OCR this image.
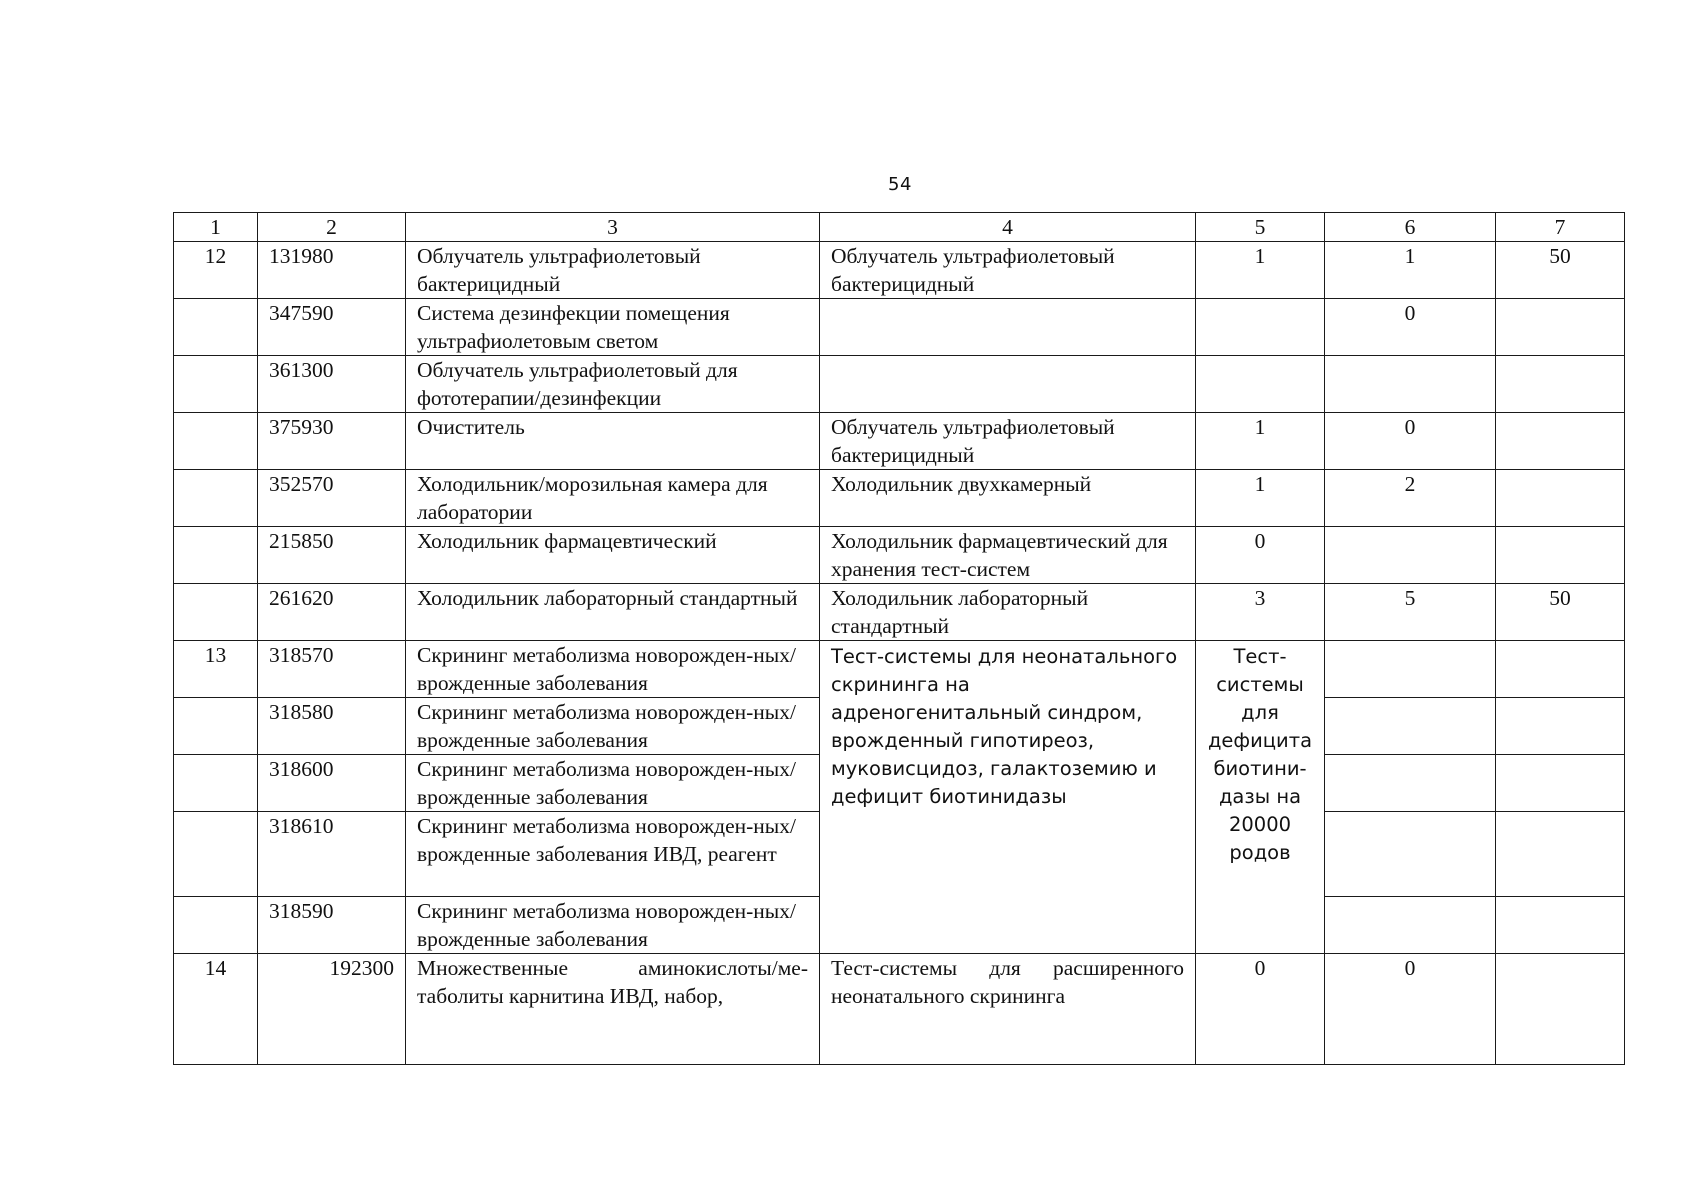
54
1	2	3	4	5	6	7
12	131980	Облучатель ультрафиолетовый бактерицидный	Облучатель ультрафиолетовый бактерицидный	1	1	50
	347590	Система дезинфекции помещения ультрафиолетовым светом			0	
	361300	Облучатель ультрафиолетовый для фототерапии/дезинфекции				
	375930	Очиститель	Облучатель ультрафиолетовый бактерицидный	1	0	
	352570	Холодильник/морозильная камера для лаборатории	Холодильник двухкамерный	1	2	
	215850	Холодильник фармацевтический	Холодильник фармацевтический для хранения тест-систем	0		
	261620	Холодильник лабораторный стандартный	Холодильник лабораторный стандартный	3	5	50
13	318570	Скрининг метаболизма новорожден-ных/врожденные заболевания	Тест-системы для неонатального скрининга на адреногенитальный синдром, врожденный гипотиреоз, муковисцидоз, галактоземию и дефицит биотинидазы	Тест-системы для дефицита биотини-дазы на 20000 родов		
	318580	Скрининг метаболизма новорожден-ных/врожденные заболевания				
	318600	Скрининг метаболизма новорожден-ных/врожденные заболевания				
	318610	Скрининг метаболизма новорожден-ных/врожденные заболевания ИВД, реагент				
	318590	Скрининг метаболизма новорожден-ных/врожденные заболевания				
14	192300	Множественные аминокислоты/ме-таболиты карнитина ИВД, набор,	Тест-системы для расширенного неонатального скрининга	0	0	
